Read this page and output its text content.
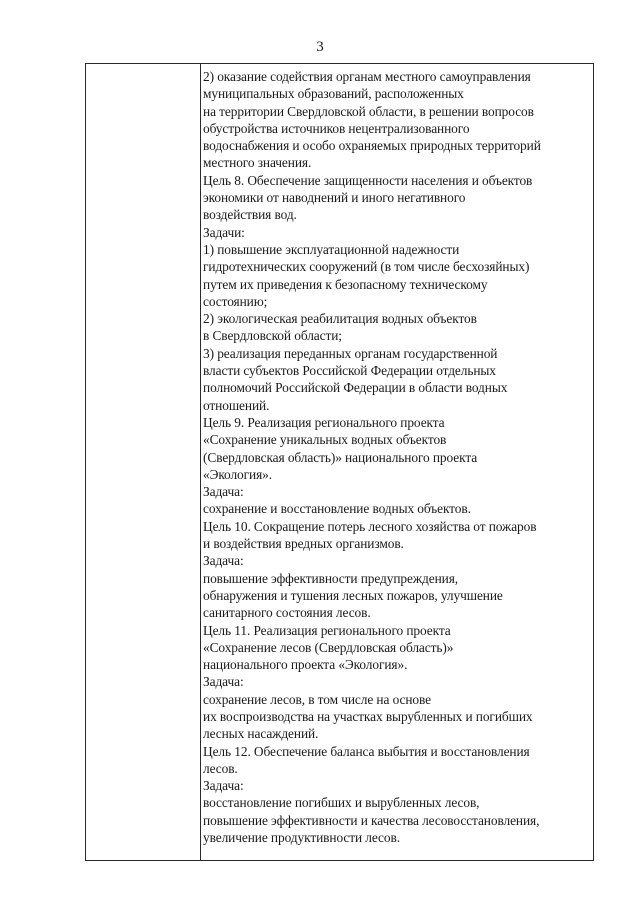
3
2) оказание содействия органам местного самоуправления
муниципальных образований, расположенных
на территории Свердловской области, в решении вопросов
обустройства источников нецентрализованного
водоснабжения и особо охраняемых природных территорий
местного значения.
Цель 8. Обеспечение защищенности населения и объектов
экономики от наводнений и иного негативного
воздействия вод.
Задачи:
1) повышение эксплуатационной надежности
гидротехнических сооружений (в том числе бесхозяйных)
путем их приведения к безопасному техническому
состоянию;
2) экологическая реабилитация водных объектов
в Свердловской области;
3) реализация переданных органам государственной
власти субъектов Российской Федерации отдельных
полномочий Российской Федерации в области водных
отношений.
Цель 9. Реализация регионального проекта
«Сохранение уникальных водных объектов
(Свердловская область)» национального проекта
«Экология».
Задача:
сохранение и восстановление водных объектов.
Цель 10. Сокращение потерь лесного хозяйства от пожаров
и воздействия вредных организмов.
Задача:
повышение эффективности предупреждения,
обнаружения и тушения лесных пожаров, улучшение
санитарного состояния лесов.
Цель 11. Реализация регионального проекта
«Сохранение лесов (Свердловская область)»
национального проекта «Экология».
Задача:
сохранение лесов, в том числе на основе
их воспроизводства на участках вырубленных и погибших
лесных насаждений.
Цель 12. Обеспечение баланса выбытия и восстановления
лесов.
Задача:
восстановление погибших и вырубленных лесов,
повышение эффективности и качества лесовосстановления,
увеличение продуктивности лесов.
